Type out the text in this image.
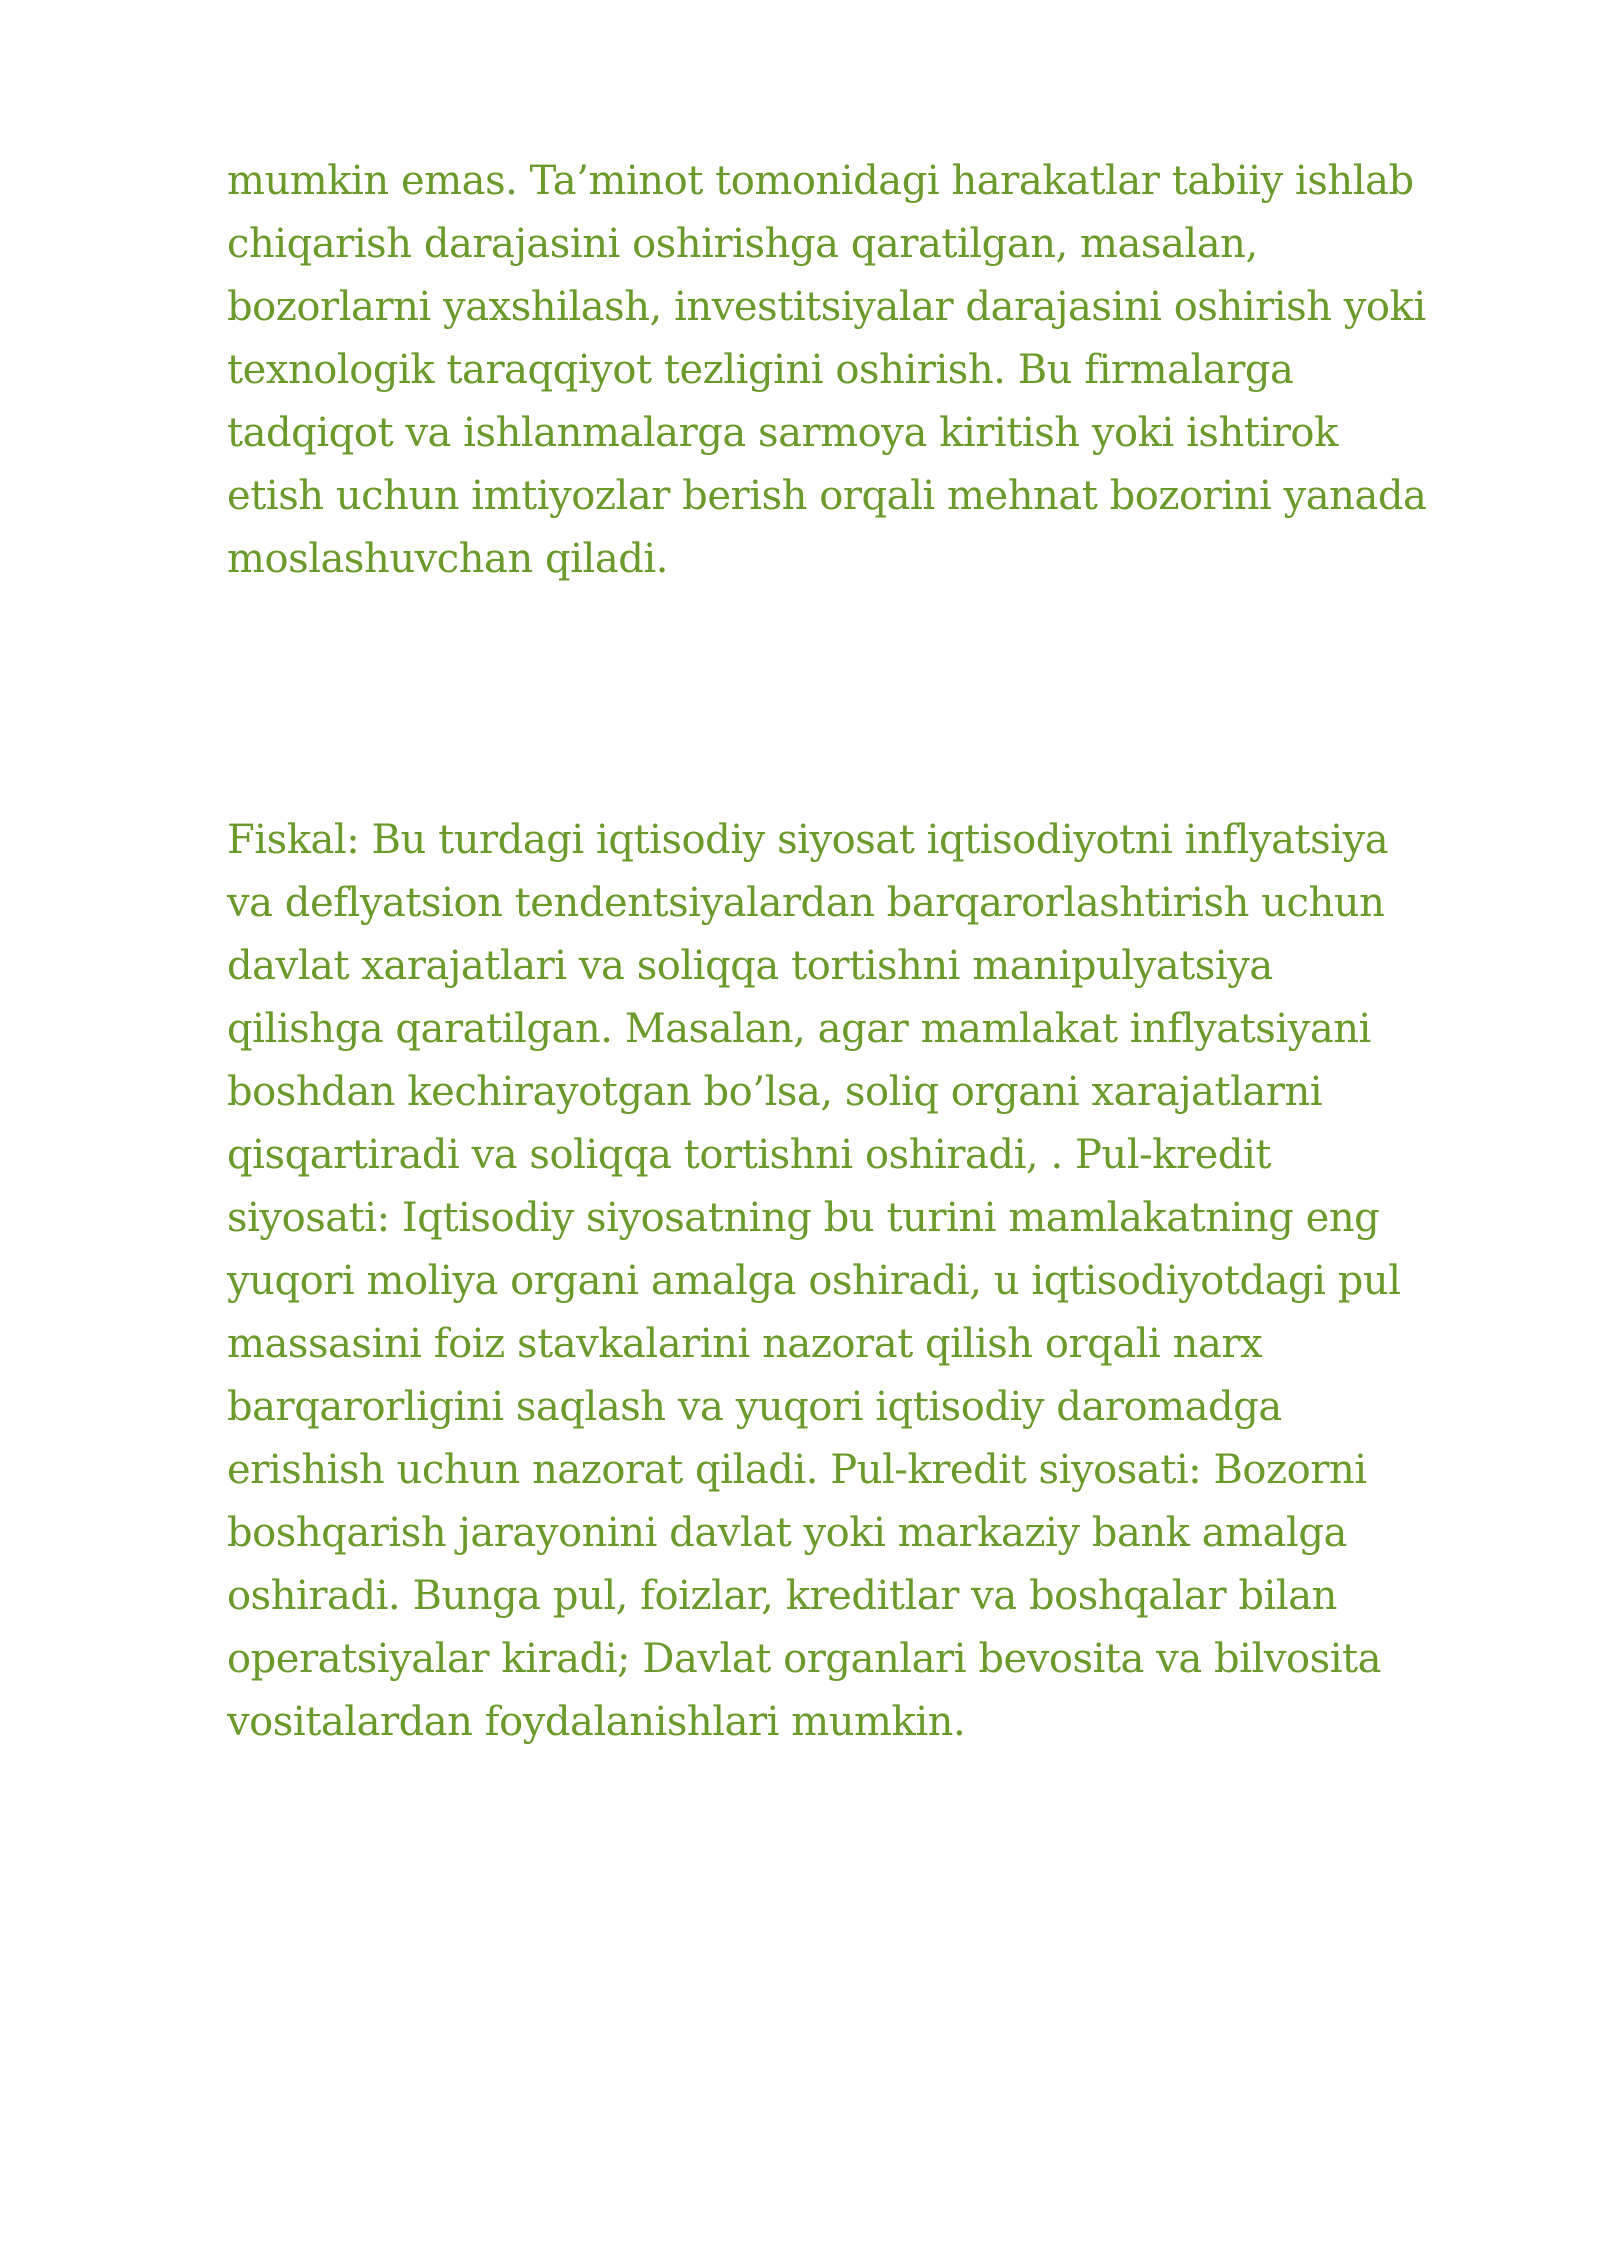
mumkin emas. Ta’minot tomonidagi harakatlar tabiiy ishlab
chiqarish darajasini oshirishga qaratilgan, masalan,
bozorlarni yaxshilash, investitsiyalar darajasini oshirish yoki
texnologik taraqqiyot tezligini oshirish. Bu firmalarga
tadqiqot va ishlanmalarga sarmoya kiritish yoki ishtirok
etish uchun imtiyozlar berish orqali mehnat bozorini yanada
moslashuvchan qiladi.

Fiskal: Bu turdagi iqtisodiy siyosat iqtisodiyotni inflyatsiya
va deflyatsion tendentsiyalardan barqarorlashtirish uchun
davlat xarajatlari va soliqqa tortishni manipulyatsiya
qilishga qaratilgan. Masalan, agar mamlakat inflyatsiyani
boshdan kechirayotgan bo’lsa, soliq organi xarajatlarni
qisqartiradi va soliqqa tortishni oshiradi, . Pul-kredit
siyosati: Iqtisodiy siyosatning bu turini mamlakatning eng
yuqori moliya organi amalga oshiradi, u iqtisodiyotdagi pul
massasini foiz stavkalarini nazorat qilish orqali narx
barqarorligini saqlash va yuqori iqtisodiy daromadga
erishish uchun nazorat qiladi. Pul-kredit siyosati: Bozorni
boshqarish jarayonini davlat yoki markaziy bank amalga
oshiradi. Bunga pul, foizlar, kreditlar va boshqalar bilan
operatsiyalar kiradi; Davlat organlari bevosita va bilvosita
vositalardan foydalanishlari mumkin.
